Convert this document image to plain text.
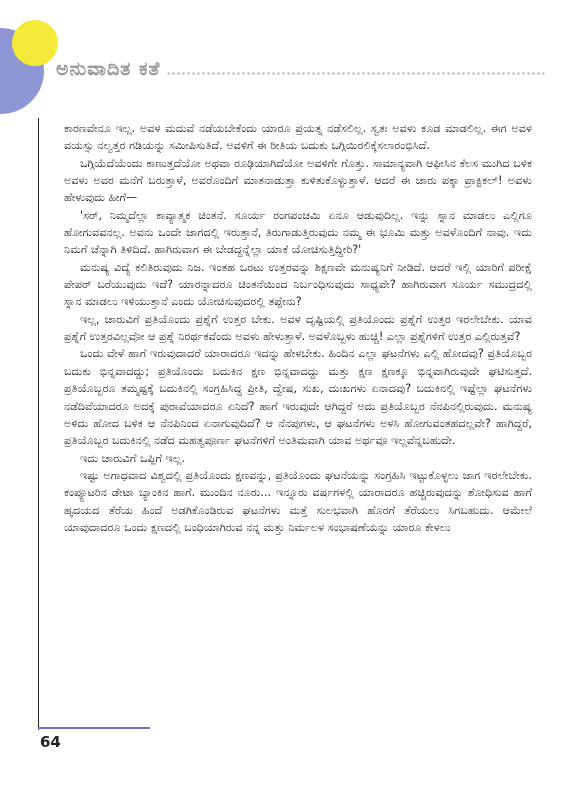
ಅನುವಾದಿತ ಕತೆ

ಕಾರಣವೇನೂ ಇಲ್ಲ. ಅವಳ ಮದುವೆ ನಡೆಯಬೇಕೆಂದು ಯಾರೂ ಪ್ರಯತ್ನ ನಡೆಸಲಿಲ್ಲ. ಸ್ವತಃ ಅವಳು ಕೂಡ ಮಾಡಲಿಲ್ಲ. ಈಗ ಅವಳ ವಯಸ್ಸು ನಲ್ವತ್ತರ ಗಡಿಯನ್ನು ಸಮೀಪಿಸುತಿದೆ. ಅವಳಿಗೆ ಈ ರೀತಿಯ ಬದುಕು ಒಗ್ಗಿಯಿರಲಿಕ್ಕೆಸಲಾರಂಭಿಸಿದೆ.

ಒಗ್ಗಿಯೆದೆಯೆಂದು ಕಾಣುತ್ತದೆಯೋ ಅಥವಾ ರೂಢಿಯಾಗಿದೆಯೋ ಅವಳಿಗೇ ಗೊತ್ತು. ಸಾಮಾನ್ಯವಾಗಿ ಆಫೀಸಿನ ಕೆಲಸ ಮುಗಿದ ಬಳಿಕ ಅವಳು ಅವರ ಮನೆಗೆ ಬರುತ್ತಾಳೆ, ಅವರೊಂದಿಗೆ ಮಾತನಾಡುತ್ತಾ ಕುಳಿತುಕೊಳ್ಳುತ್ತಾಳೆ. ಆದರೆ ಈ ಚಾರು ಪಕ್ಕಾ ಪ್ರಾಕ್ಟಿಕಲ್! ಅವಳು ಹೇಳುವುದು ಹೀಗೆ—

'ಸರ್, ನಿಮ್ಮದೆಲ್ಲಾ ಕಾವ್ಯಾತ್ಮಕ ಚಿಂತನೆ. ಸೂರ್ಯ ರಂಗಪಂಚಮಿ ಏನೂ ಆಡುವುದಿಲ್ಲ. ಇನ್ನು ಸ್ನಾನ ಮಾಡಲು ಎಲ್ಲಿಗೂ ಹೋಗುವವನಲ್ಲ. ಅವನು ಒಂದೇ ಜಾಗದಲ್ಲಿ ಇರುತ್ತಾನೆ, ತಿರುಗಾಡುತ್ತಿರುವುದು ನಮ್ಮ ಈ ಭೂಮಿ ಮತ್ತು ಅವಳೊಂದಿಗೆ ನಾವು. ಇದು ನಿಮಗೆ ಚೆನ್ನಾಗಿ ತಿಳಿದಿದೆ. ಹಾಗಿರುವಾಗ ಈ ಬೇಡದ್ದನ್ನೆಲ್ಲಾ ಯಾಕೆ ಯೋಚಿಸುತ್ತಿದ್ದೀರಿ?'

ಮನುಷ್ಯ ವಿದ್ಯೆ ಕಲಿತಿರುವುದು ನಿಜ. ಇಂತಹ ಒರಟು ಉತ್ತರವನ್ನು ಶಿಕ್ಷಣವೇ ಮನುಷ್ಯನಿಗೆ ನೀಡಿದೆ. ಆದರೆ ಇಲ್ಲಿ ಯಾರಿಗೆ ಪರೀಕ್ಷೆ ಪೇಪರ್ ಬರೆಯುವುದು ಇದೆ? ಯಾರನ್ನಾದರೂ ಚಿಂತನೆಯಿಂದ ನಿರ್ಬಂಧಿಸುವುದು ಸಾಧ್ಯವೇ? ಹಾಗಿರುವಾಗ ಸೂರ್ಯ ಸಮುದ್ರದಲ್ಲಿ ಸ್ನಾನ ಮಾಡಲು ಇಳಿಯುತ್ತಾನೆ ಎಂದು ಯೋಚಿಸುವುದರಲ್ಲಿ ತಪ್ಪೇನು?

ಇಲ್ಲ, ಚಾರುವಿಗೆ ಪ್ರತಿಯೊಂದು ಪ್ರಶ್ನೆಗೆ ಉತ್ತರ ಬೇಕು. ಅವಳ ದೃಷ್ಟಿಯಲ್ಲಿ ಪ್ರತಿಯೊಂದು ಪ್ರಶ್ನೆಗೆ ಉತ್ತರ ಇರಲೇಬೇಕು. ಯಾವ ಪ್ರಶ್ನೆಗೆ ಉತ್ತರವಿಲ್ಲವೋ ಆ ಪ್ರಶ್ನೆ ನಿರರ್ಥಕವೆಂದು ಅವಳು ಹೇಳುತ್ತಾಳೆ. ಅವಳೊಬ್ಬಳು ಹುಚ್ಚಿ! ಎಲ್ಲಾ ಪ್ರಶ್ನೆಗಳಿಗೆ ಉತ್ತರ ಎಲ್ಲಿರುತ್ತವೆ?

ಒಂದು ವೇಳೆ ಹಾಗೆ ಇರುವುದಾದರೆ ಯಾರಾದರೂ ಇದನ್ನು ಹೇಳಬೇಕು. ಹಿಂದಿನ ಎಲ್ಲಾ ಘಟನೆಗಳು ಎಲ್ಲಿ ಹೋದವು? ಪ್ರತಿಯೊಬ್ಬರ ಬದುಕು ಭಿನ್ನವಾದದ್ದು; ಪ್ರತಿಯೊಂದು ಬದುಕಿನ ಕ್ಷಣ ಭಿನ್ನವಾದದ್ದು ಮತ್ತು ಕ್ಷಣ ಕ್ಷಣಕ್ಕೂ ಭಿನ್ನವಾಗಿರುವುದೇ ಘಟಿಸುತ್ತದೆ. ಪ್ರತಿಯೊಬ್ಬರೂ ತಮ್ಮಷ್ಟಕ್ಕೆ ಬದುಕಿನಲ್ಲಿ ಸಂಗ್ರಹಿಸಿದ್ದ ಪ್ರೀತಿ, ದ್ವೇಷ, ಸುಖ, ದುಃಖಗಳು ಏನಾದವು? ಬದುಕಿನಲ್ಲಿ ಇಷ್ಟೆಲ್ಲಾ ಘಟನೆಗಳು ನಡೆದಿವೆಯಾದರೂ ಅದಕ್ಕೆ ಪುರಾವೆಯಾದರೂ ಏನಿದೆ? ಹಾಗೆ ಇರುವುದೇ ಆಗಿದ್ದರೆ ಅದು ಪ್ರತಿಯೊಬ್ಬರ ನೆನಪಿನಲ್ಲಿರುವುದು. ಮನುಷ್ಯ ಅಳಿದು ಹೋದ ಬಳಿಕ ಆ ನೆನಪಿನಿಂದ ಏನಾಗುವುದಿದೆ? ಆ ನೆನಪುಗಳು, ಆ ಘಟನೆಗಳು ಅಳಸಿ ಹೋಗುವಂತಹದಲ್ಲವೇ? ಹಾಗಿದ್ದರೆ, ಪ್ರತಿಯೊಬ್ಬರ ಬದುಕಿನಲ್ಲಿ ನಡೆದ ಮಹತ್ವಪೂರ್ಣ ಘಟನೆಗಳಿಗೆ ಅಂತಿಮವಾಗಿ ಯಾವ ಅರ್ಥವೂ ಇಲ್ಲವೆನ್ನಬಹುದೇ.

ಇದು ಚಾರುವಿಗೆ ಒಪ್ಪಿಗೆ ಇಲ್ಲ.

ಇಷ್ಟು ಅಗಾಧವಾದ ವಿಶ್ವದಲ್ಲಿ ಪ್ರತಿಯೊಂದು ಕ್ಷಣವನ್ನು, ಪ್ರತಿಯೊಂದು ಘಟನೆಯನ್ನು ಸಂಗ್ರಹಿಸಿ ಇಟ್ಟುಕೊಳ್ಳಲು ಜಾಗ ಇರಲೇಬೇಕು. ಕಂಪ್ಯೂಟರಿನ ಡೇಟಾ ಬ್ಯಾಂಕಿನ ಹಾಗೆ. ಮುಂದಿನ ನೂರು... ಇನ್ನೂರು ವರ್ಷಗಳಲ್ಲಿ ಯಾರಾದರೂ ಹಚ್ಚಿರುವುದನ್ನು ಶೋಧಿಸುವ ಹಾಗೆ ಹೃದಯದ ತೆರೆಯ ಹಿಂದೆ ಅಡಗಿಕೊಂಡಿರುವ ಘಟನೆಗಳು ಮತ್ತೆ ಸುಲಭವಾಗಿ ಹೊರಗೆ ತೆರೆಯಲು ಸಿಗಬಹುದು. ಆಮೇಲೆ ಯಾವುದಾದರೂ ಒಂದು ಕ್ಷಣದಲ್ಲಿ ಬಂಧಿಯಾಗಿರುವ ನನ್ನ ಮತ್ತು ನಿರ್ಮಲಳ ಸಂಭಾಷಣೆಯನ್ನು ಯಾರೂ ಕೇಳಲು

64
